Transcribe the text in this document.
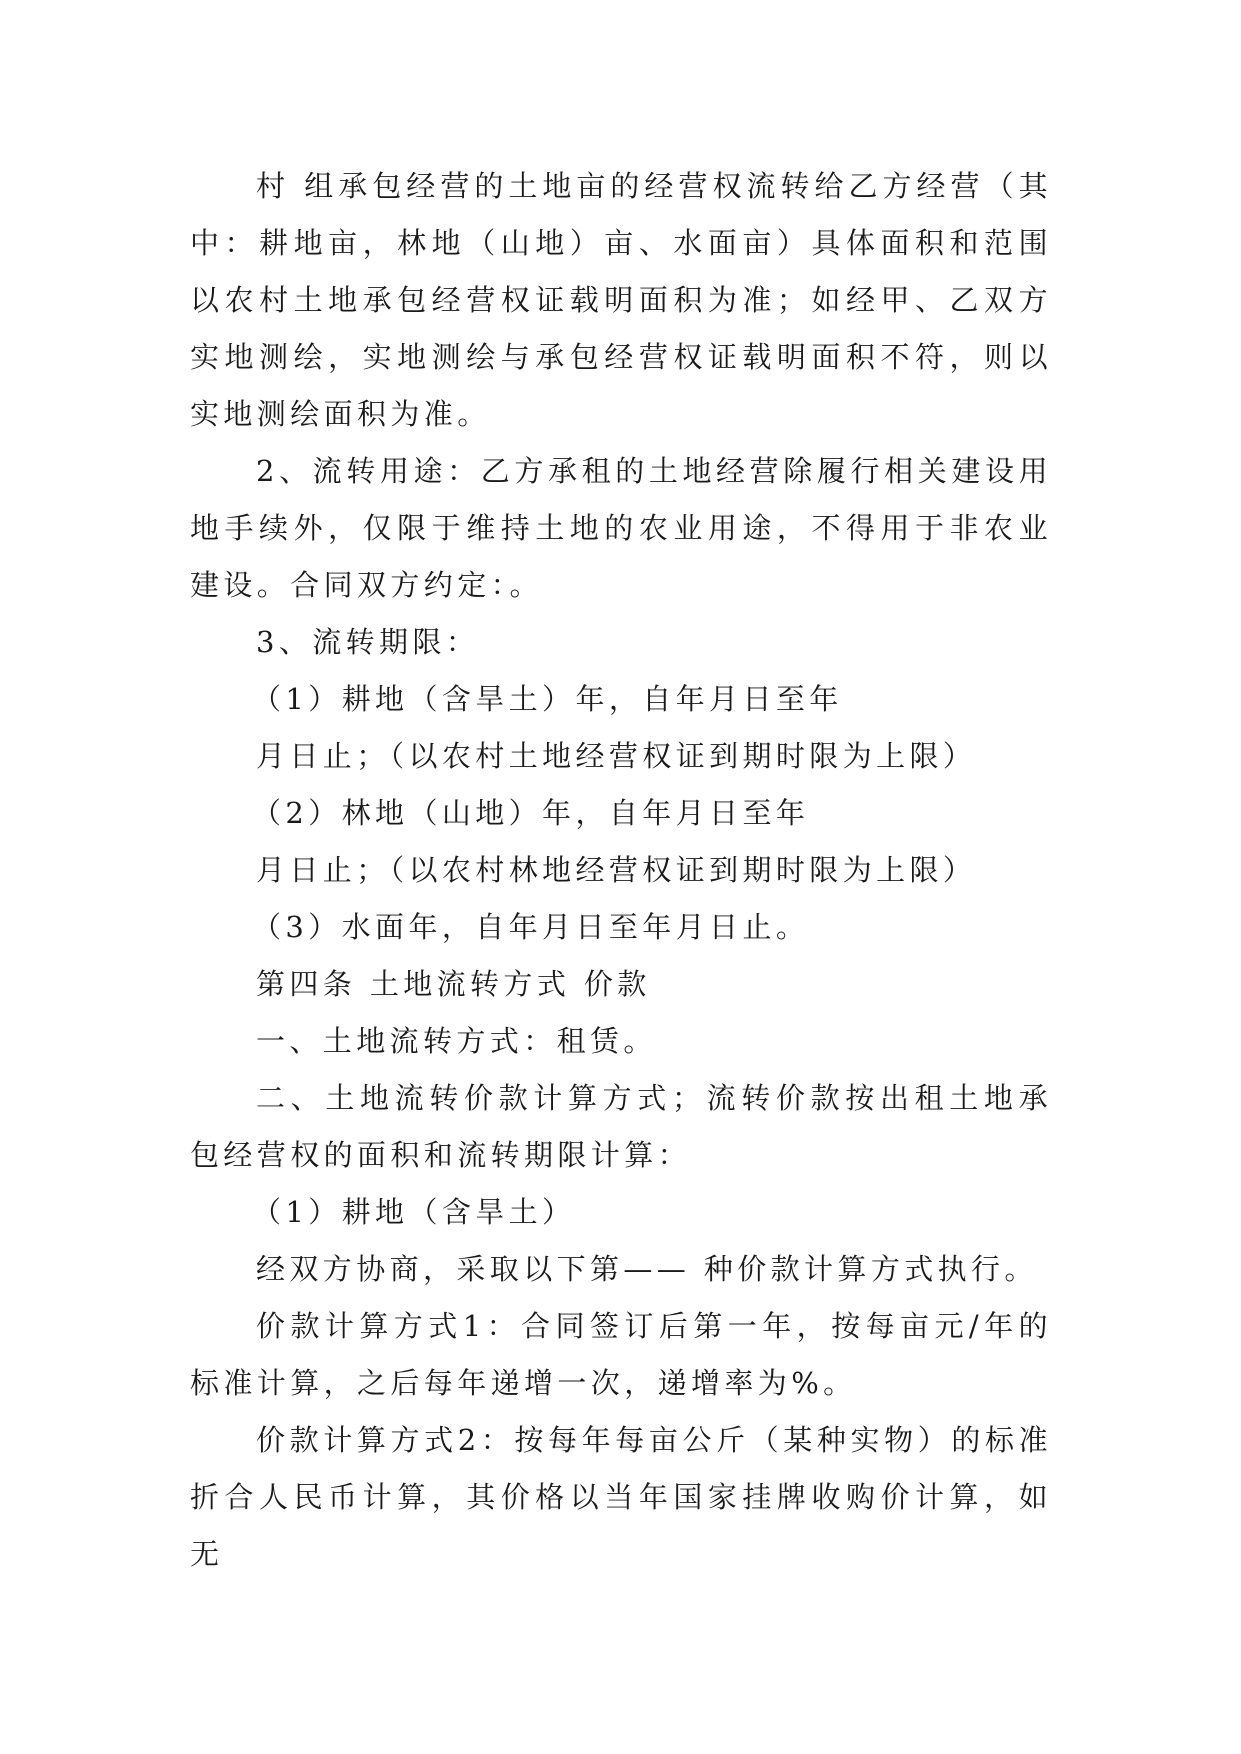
村 组承包经营的土地亩的经营权流转给乙方经营（其中：耕地亩，林地（山地）亩、水面亩）具体面积和范围以农村土地承包经营权证载明面积为准；如经甲、乙双方实地测绘，实地测绘与承包经营权证载明面积不符，则以实地测绘面积为准。

2、流转用途：乙方承租的土地经营除履行相关建设用地手续外，仅限于维持土地的农业用途，不得用于非农业建设。合同双方约定：。

3、流转期限：

（1）耕地（含旱土）年，自年月日至年

月日止；（以农村土地经营权证到期时限为上限）

（2）林地（山地）年，自年月日至年

月日止；（以农村林地经营权证到期时限为上限）

（3）水面年，自年月日至年月日止。

第四条 土地流转方式 价款

一、土地流转方式：租赁。

二、土地流转价款计算方式；流转价款按出租土地承包经营权的面积和流转期限计算：

（1）耕地（含旱土）

经双方协商，采取以下第—— 种价款计算方式执行。

价款计算方式1：合同签订后第一年，按每亩元/年的标准计算，之后每年递增一次，递增率为%。

价款计算方式2：按每年每亩公斤（某种实物）的标准折合人民币计算，其价格以当年国家挂牌收购价计算，如无
